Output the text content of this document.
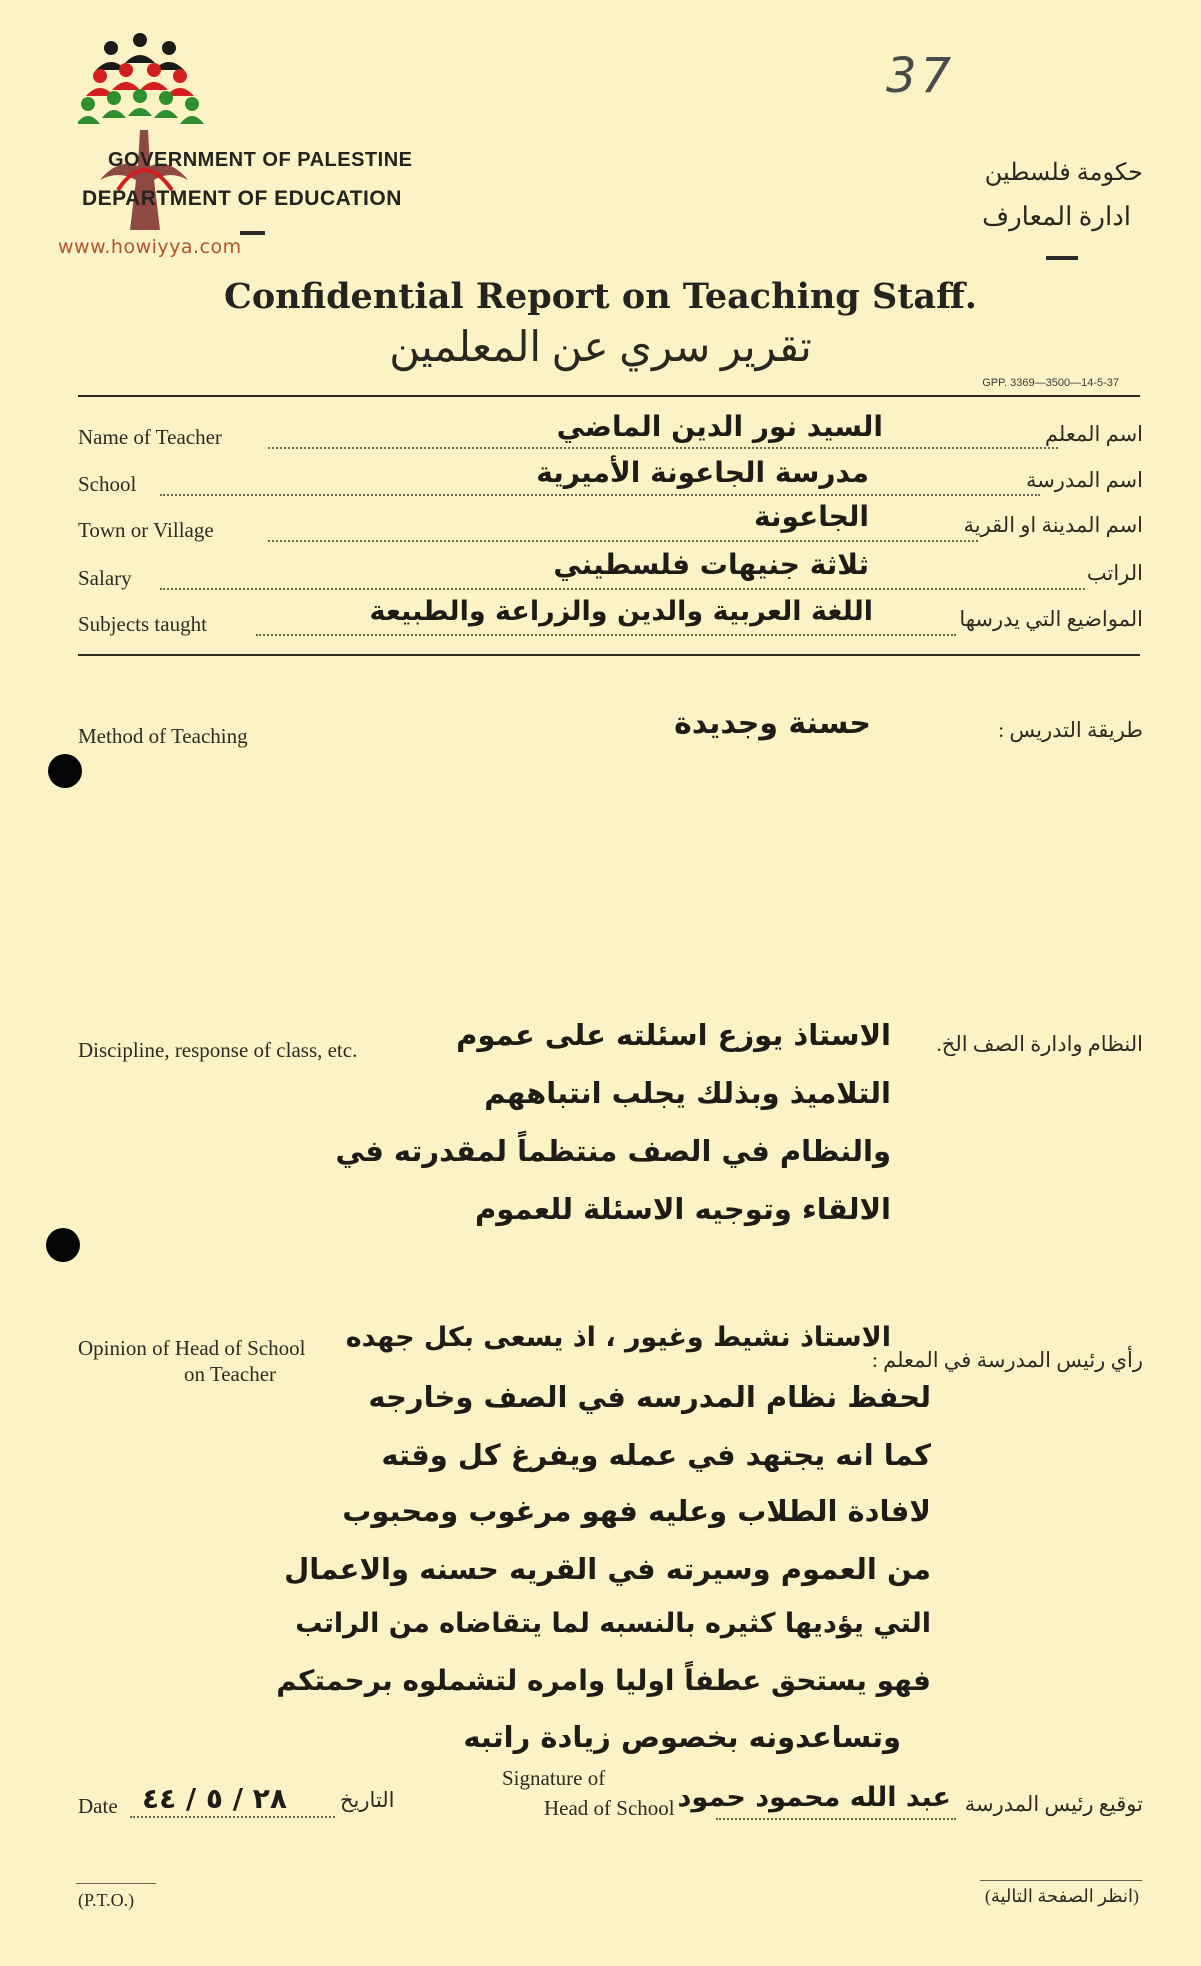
www.howiyya.com
GOVERNMENT OF PALESTINE
DEPARTMENT OF EDUCATION
37
حكومة فلسطين
ادارة المعارف
Confidential Report on Teaching Staff.
تقرير سري عن المعلمين
GPP. 3369—3500—14-5-37
Name of Teacher	السيد نور الدين الماضي	اسم المعلم
School	مدرسة الجاعونة الأميرية	اسم المدرسة
Town or Village	الجاعونة	اسم المدينة او القرية
Salary	ثلاثة جنيهات فلسطيني	الراتب
Subjects taught	اللغة العربية والدين والزراعة والطبيعة	المواضيع التي يدرسها
Method of Teaching	حسنة وجديدة	طريقة التدريس :
Discipline, response of class, etc.	النظام وادارة الصف الخ.
الاستاذ يوزع اسئلته على عموم
التلاميذ وبذلك يجلب انتباههم
والنظام في الصف منتظماً لمقدرته في
الالقاء وتوجيه الاسئلة للعموم
Opinion of Head of School
on Teacher
رأي رئيس المدرسة في المعلم :
الاستاذ نشيط وغيور ، اذ يسعى بكل جهده
لحفظ نظام المدرسه في الصف وخارجه
كما انه يجتهد في عمله ويفرغ كل وقته
لافادة الطلاب وعليه فهو مرغوب ومحبوب
من العموم وسيرته في القريه حسنه والاعمال
التي يؤديها كثيره بالنسبه لما يتقاضاه من الراتب
فهو يستحق عطفاً اوليا وامره لتشملوه برحمتكم
وتساعدونه بخصوص زيادة راتبه
Date ٢٨ / ٥ / ٤٤	التاريخ
Signature of
Head of School عبد الله محمود حمود توقيع رئيس المدرسة
(P.T.O.)	(انظر الصفحة التالية)
